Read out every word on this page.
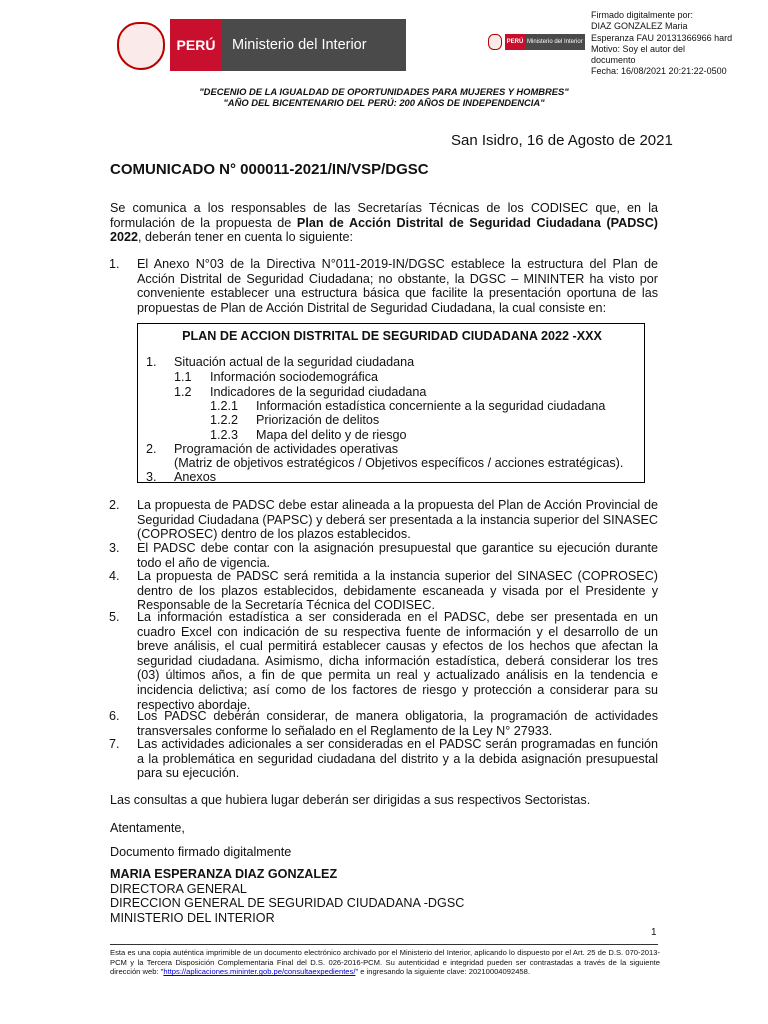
PERÚ	Ministerio del Interior	PERÚ Ministerio del Interior
Firmado digitalmente por:
DIAZ GONZALEZ Maria
Esperanza FAU 20131366966 hard
Motivo: Soy el autor del
documento
Fecha: 16/08/2021 20:21:22-0500
"DECENIO DE LA IGUALDAD DE OPORTUNIDADES PARA MUJERES Y HOMBRES"
"AÑO DEL BICENTENARIO DEL PERÚ: 200 AÑOS DE INDEPENDENCIA"
San Isidro, 16 de Agosto de 2021
COMUNICADO N° 000011-2021/IN/VSP/DGSC
Se comunica a los responsables de las Secretarías Técnicas de los CODISEC que, en la formulación de la propuesta de Plan de Acción Distrital de Seguridad Ciudadana (PADSC) 2022, deberán tener en cuenta lo siguiente:
1. El Anexo N°03 de la Directiva N°011-2019-IN/DGSC establece la estructura del Plan de Acción Distrital de Seguridad Ciudadana; no obstante, la DGSC – MININTER ha visto por conveniente establecer una estructura básica que facilite la presentación oportuna de las propuestas de Plan de Acción Distrital de Seguridad Ciudadana, la cual consiste en:
PLAN DE ACCION DISTRITAL DE SEGURIDAD CIUDADANA 2022 -XXX
1. Situación actual de la seguridad ciudadana
1.1 Información sociodemográfica
1.2 Indicadores de la seguridad ciudadana
1.2.1 Información estadística concerniente a la seguridad ciudadana
1.2.2 Priorización de delitos
1.2.3 Mapa del delito y de riesgo
2. Programación de actividades operativas
(Matriz de objetivos estratégicos / Objetivos específicos / acciones estratégicas).
3. Anexos
2. La propuesta de PADSC debe estar alineada a la propuesta del Plan de Acción Provincial de Seguridad Ciudadana (PAPSC) y deberá ser presentada a la instancia superior del SINASEC (COPROSEC) dentro de los plazos establecidos.
3. El PADSC debe contar con la asignación presupuestal que garantice su ejecución durante todo el año de vigencia.
4. La propuesta de PADSC será remitida a la instancia superior del SINASEC (COPROSEC) dentro de los plazos establecidos, debidamente escaneada y visada por el Presidente y Responsable de la Secretaría Técnica del CODISEC.
5. La información estadística a ser considerada en el PADSC, debe ser presentada en un cuadro Excel con indicación de su respectiva fuente de información y el desarrollo de un breve análisis, el cual permitirá establecer causas y efectos de los hechos que afectan la seguridad ciudadana. Asimismo, dicha información estadística, deberá considerar los tres (03) últimos años, a fin de que permita un real y actualizado análisis en la tendencia e incidencia delictiva; así como de los factores de riesgo y protección a considerar para su respectivo abordaje.
6. Los PADSC deberán considerar, de manera obligatoria, la programación de actividades transversales conforme lo señalado en el Reglamento de la Ley N° 27933.
7. Las actividades adicionales a ser consideradas en el PADSC serán programadas en función a la problemática en seguridad ciudadana del distrito y a la debida asignación presupuestal para su ejecución.
Las consultas a que hubiera lugar deberán ser dirigidas a sus respectivos Sectoristas.
Atentamente,
Documento firmado digitalmente
MARIA ESPERANZA DIAZ GONZALEZ
DIRECTORA GENERAL
DIRECCION GENERAL DE SEGURIDAD CIUDADANA -DGSC
MINISTERIO DEL INTERIOR
1
Esta es una copia auténtica imprimible de un documento electrónico archivado por el Ministerio del Interior, aplicando lo dispuesto por el Art. 25 de D.S. 070-2013-PCM y la Tercera Disposición Complementaria Final del D.S. 026-2016-PCM. Su autenticidad e integridad pueden ser contrastadas a través de la siguiente dirección web: "https://aplicaciones.mininter.gob.pe/consultaexpedientes/" e ingresando la siguiente clave: 20210004092458.
